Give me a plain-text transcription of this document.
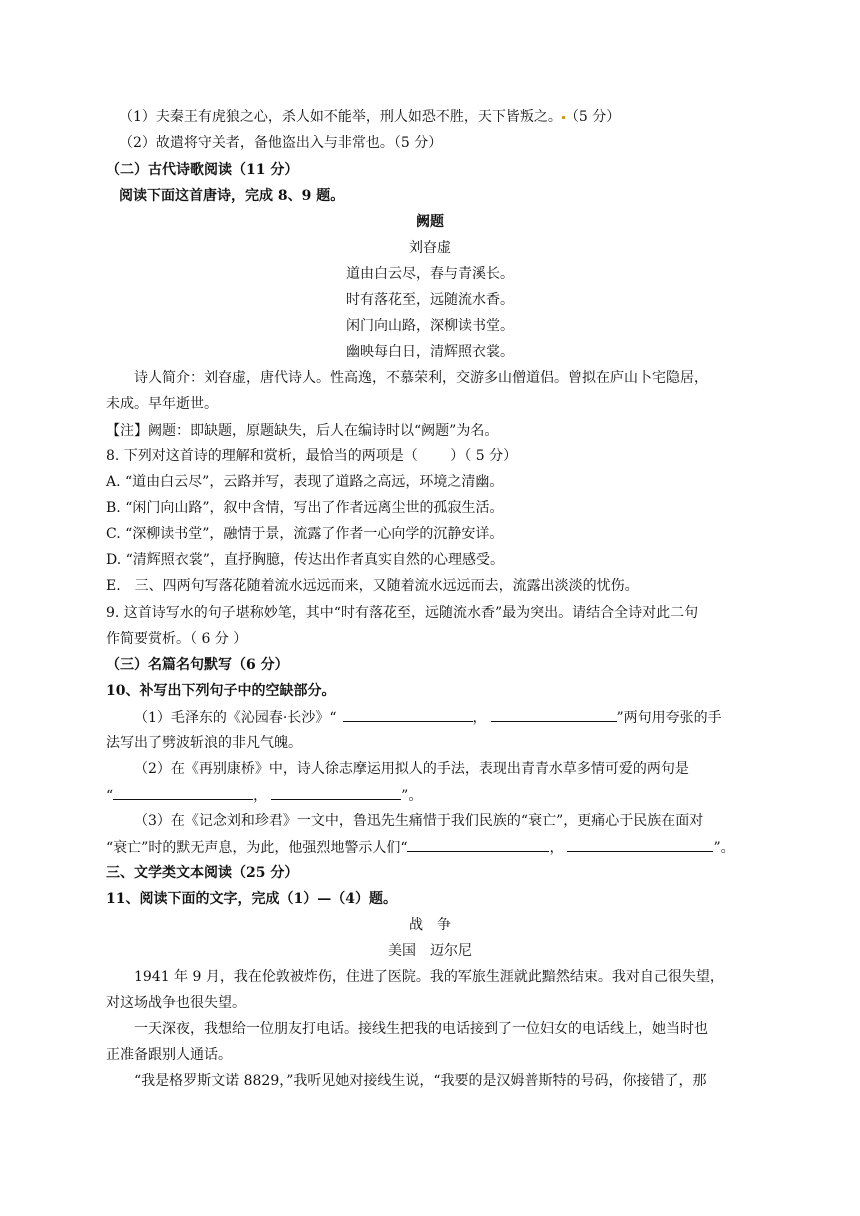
（1）夫秦王有虎狼之心，杀人如不能举，刑人如恐不胜，天下皆叛之。 （5 分）
（2）故遣将守关者，备他盗出入与非常也。（5 分）
（二）古代诗歌阅读（11 分）
阅读下面这首唐诗，完成 8、9 题。
阙题
刘昚虚
道由白云尽，春与青溪长。
时有落花至，远随流水香。
闲门向山路，深柳读书堂。
幽映每白日，清辉照衣裳。
诗人简介：刘昚虚，唐代诗人。性高逸，不慕荣利，交游多山僧道侣。曾拟在庐山卜宅隐居，
未成。早年逝世。
【注】阙题：即缺题，原题缺失，后人在编诗时以“阙题”为名。
8. 下列对这首诗的理解和赏析，最恰当的两项是（　　 ）（ 5 分）
A. “道由白云尽”，云路并写，表现了道路之高远，环境之清幽。
B. “闲门向山路”，叙中含情，写出了作者远离尘世的孤寂生活。
C. “深柳读书堂”，融情于景，流露了作者一心向学的沉静安详。
D. “清辉照衣裳”，直抒胸臆，传达出作者真实自然的心理感受。
E.　三、四两句写落花随着流水远远而来，又随着流水远远而去，流露出淡淡的忧伤。
9. 这首诗写水的句子堪称妙笔，其中“时有落花至，远随流水香”最为突出。请结合全诗对此二句
作简要赏析。（ 6 分 ）
（三）名篇名句默写（6 分）
10、补写出下列句子中的空缺部分。
（1）毛泽东的《沁园春·长沙》“	，	”两句用夸张的手
法写出了劈波斩浪的非凡气魄。
（2）在《再别康桥》中，诗人徐志摩运用拟人的手法，表现出青青水草多情可爱的两句是
“	，	”。
（3）在《记念刘和珍君》一文中，鲁迅先生痛惜于我们民族的“衰亡”，更痛心于民族在面对
“衰亡”时的默无声息，为此，他强烈地警示人们“	，	”。
三、文学类文本阅读（25 分）
11、阅读下面的文字，完成（1）—（4）题。
战　争
美国　迈尔尼
1941 年 9 月，我在伦敦被炸伤，住进了医院。我的军旅生涯就此黯然结束。我对自己很失望，
对这场战争也很失望。
一天深夜，我想给一位朋友打电话。接线生把我的电话接到了一位妇女的电话线上，她当时也
正准备跟别人通话。
“我是格罗斯文诺 8829，”我听见她对接线生说，“我要的是汉姆普斯特的号码，你接错了，那
